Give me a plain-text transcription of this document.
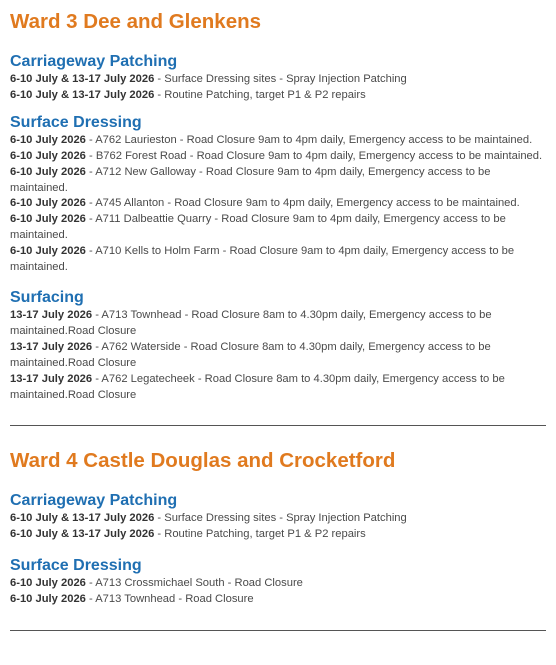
Ward 3 Dee and Glenkens
Carriageway Patching

6-10 July & 13-17 July 2026 - Surface Dressing sites - Spray Injection Patching

6-10 July & 13-17 July 2026 - Routine Patching, target P1 & P2 repairs

Surface Dressing

6-10 July 2026 - A762 Laurieston - Road Closure 9am to 4pm daily, Emergency access to be maintained.

6-10 July 2026 - B762 Forest Road - Road Closure 9am to 4pm daily, Emergency access to be maintained.

6-10 July 2026 - A712 New Galloway - Road Closure 9am to 4pm daily, Emergency access to be maintained.

6-10 July 2026 - A745 Allanton - Road Closure 9am to 4pm daily, Emergency access to be maintained.

6-10 July 2026 - A711 Dalbeattie Quarry - Road Closure 9am to 4pm daily, Emergency access to be maintained.

6-10 July 2026 - A710 Kells to Holm Farm - Road Closure 9am to 4pm daily, Emergency access to be maintained.

Surfacing

13-17 July 2026 - A713 Townhead - Road Closure 8am to 4.30pm daily, Emergency access to be maintained.Road Closure

13-17 July 2026 - A762 Waterside - Road Closure 8am to 4.30pm daily, Emergency access to be maintained.Road Closure

13-17 July 2026 - A762 Legatecheek - Road Closure 8am to 4.30pm daily, Emergency access to be maintained.Road Closure

Ward 4 Castle Douglas and Crocketford
Carriageway Patching

6-10 July & 13-17 July 2026 - Surface Dressing sites - Spray Injection Patching

6-10 July & 13-17 July 2026 - Routine Patching, target P1 & P2 repairs

Surface Dressing

6-10 July 2026 - A713 Crossmichael South - Road Closure

6-10 July 2026 - A713 Townhead - Road Closure
